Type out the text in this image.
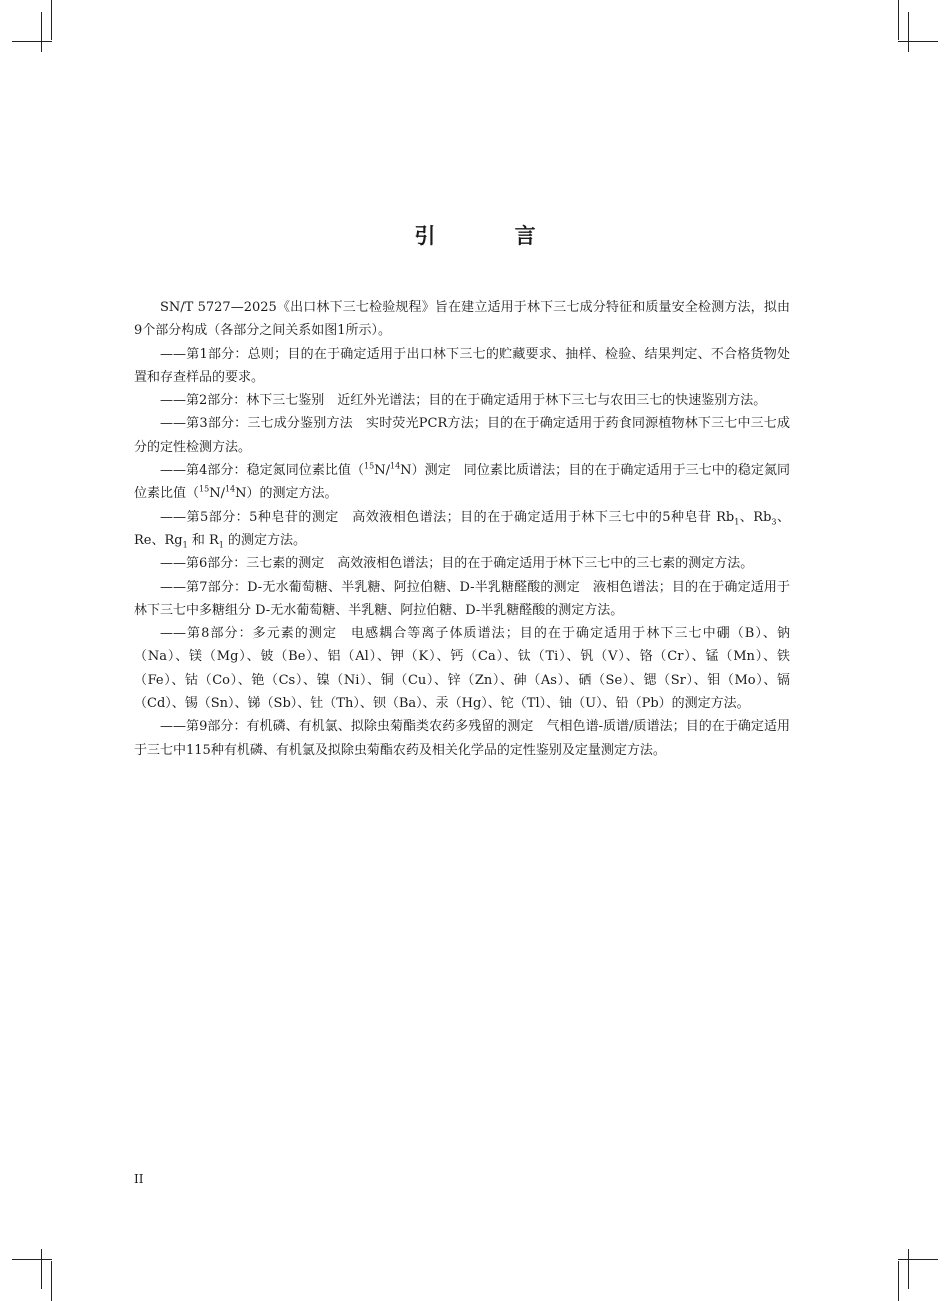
引 言

SN/T 5727—2025《出口林下三七检验规程》旨在建立适用于林下三七成分特征和质量安全检测方法，拟由9个部分构成（各部分之间关系如图1所示）。

——第1部分：总则；目的在于确定适用于出口林下三七的贮藏要求、抽样、检验、结果判定、不合格货物处置和存查样品的要求。

——第2部分：林下三七鉴别　近红外光谱法；目的在于确定适用于林下三七与农田三七的快速鉴别方法。

——第3部分：三七成分鉴别方法　实时荧光PCR方法；目的在于确定适用于药食同源植物林下三七中三七成分的定性检测方法。

——第4部分：稳定氮同位素比值（$^{15}$N/$^{14}$N）测定　同位素比质谱法；目的在于确定适用于三七中的稳定氮同位素比值（$^{15}$N/$^{14}$N）的测定方法。

——第5部分：5种皂苷的测定　高效液相色谱法；目的在于确定适用于林下三七中的5种皂苷 $Rb_1$、$Rb_3$、Re、$Rg_1$ 和 $R_1$ 的测定方法。

——第6部分：三七素的测定　高效液相色谱法；目的在于确定适用于林下三七中的三七素的测定方法。

——第7部分：D-无水葡萄糖、半乳糖、阿拉伯糖、D-半乳糖醛酸的测定　液相色谱法；目的在于确定适用于林下三七中多糖组分 D-无水葡萄糖、半乳糖、阿拉伯糖、D-半乳糖醛酸的测定方法。

——第8部分：多元素的测定　电感耦合等离子体质谱法；目的在于确定适用于林下三七中硼（B）、钠（Na）、镁（Mg）、铍（Be）、铝（Al）、钾（K）、钙（Ca）、钛（Ti）、钒（V）、铬（Cr）、锰（Mn）、铁（Fe）、钴（Co）、铯（Cs）、镍（Ni）、铜（Cu）、锌（Zn）、砷（As）、硒（Se）、锶（Sr）、钼（Mo）、镉（Cd）、锡（Sn）、锑（Sb）、钍（Th）、钡（Ba）、汞（Hg）、铊（Tl）、铀（U）、铅（Pb）的测定方法。

——第9部分：有机磷、有机氯、拟除虫菊酯类农药多残留的测定　气相色谱-质谱/质谱法；目的在于确定适用于三七中115种有机磷、有机氯及拟除虫菊酯农药及相关化学品的定性鉴别及定量测定方法。

II
